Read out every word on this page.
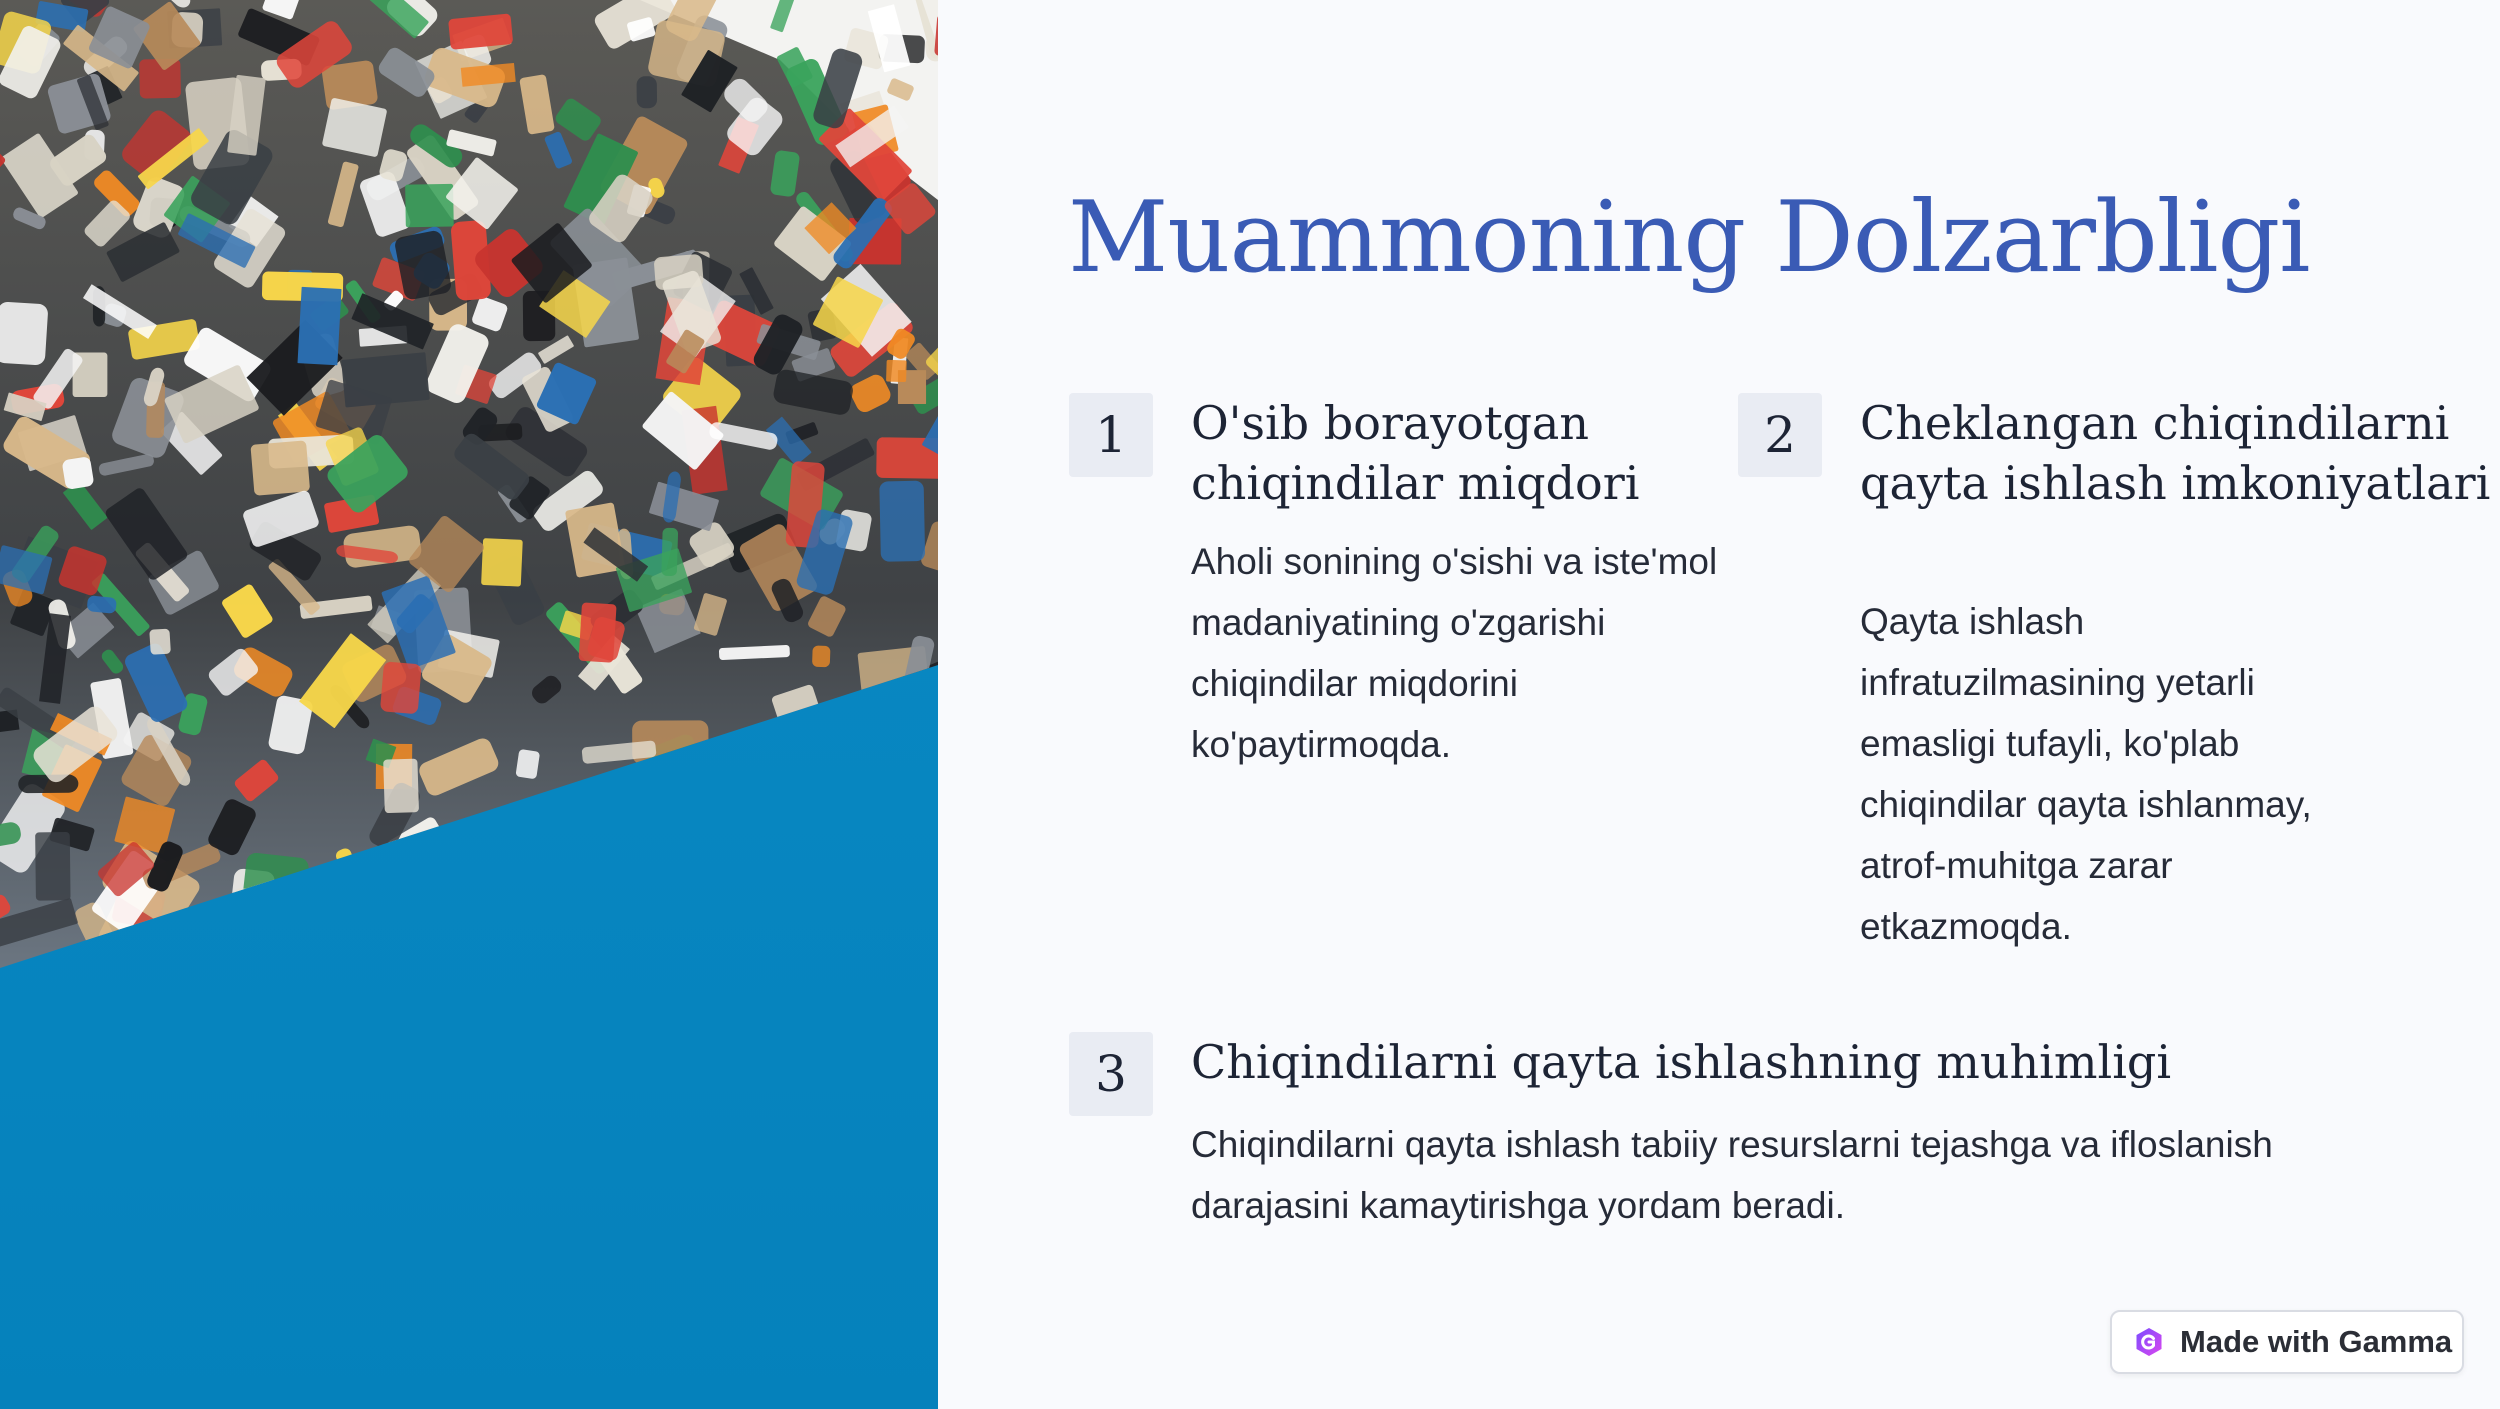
Muammoning Dolzarbligi
1	O'sib borayotgan chiqindilar miqdori

Aholi sonining o'sishi va iste'mol madaniyatining o'zgarishi chiqindilar miqdorini ko'paytirmoqda.

2	Cheklangan chiqindilarni qayta ishlash imkoniyatlari

Qayta ishlash infratuzilmasining yetarli emasligi tufayli, ko'plab chiqindilar qayta ishlanmay, atrof-muhitga zarar etkazmoqda.

3	Chiqindilarni qayta ishlashning muhimligi

Chiqindilarni qayta ishlash tabiiy resurslarni tejashga va ifloslanish darajasini kamaytirishga yordam beradi.

Made with Gamma
